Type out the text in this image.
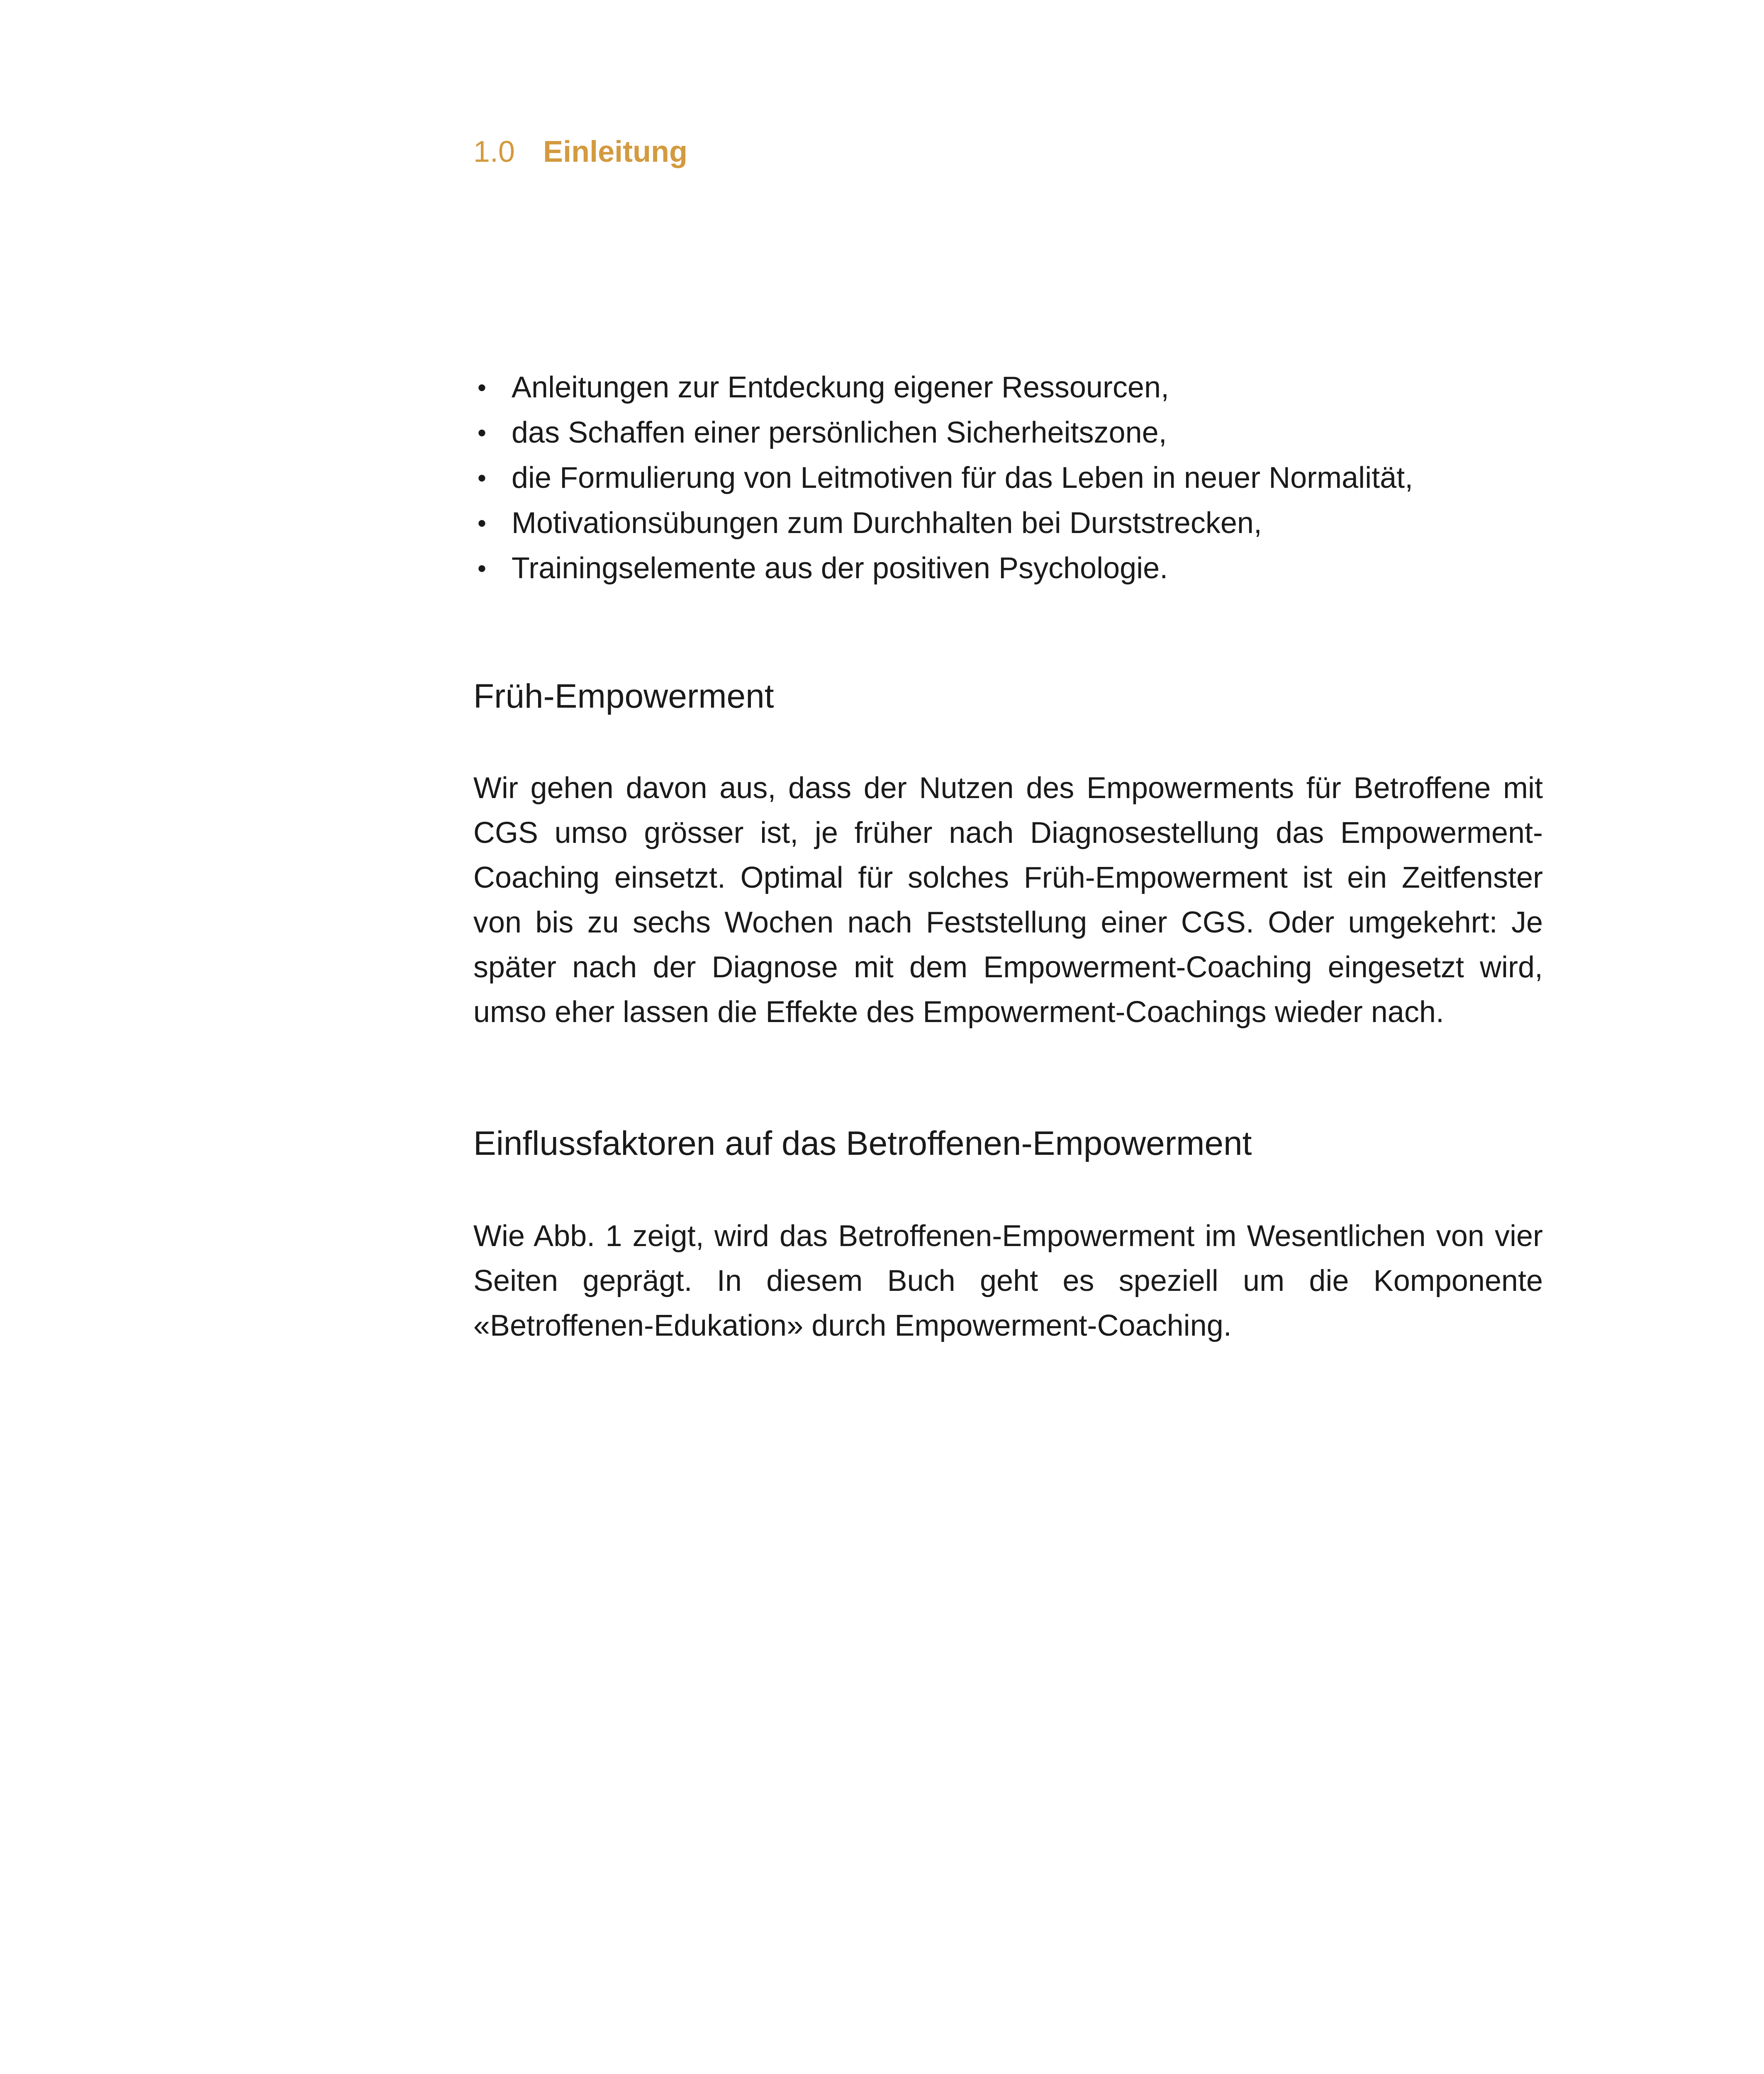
1.0 Einleitung
• Anleitungen zur Entdeckung eigener Ressourcen,
• das Schaffen einer persönlichen Sicherheitszone,
• die Formulierung von Leitmotiven für das Leben in neuer Normalität,
• Motivationsübungen zum Durchhalten bei Durststrecken,
• Trainingselemente aus der positiven Psychologie.
Früh-Empowerment

Wir gehen davon aus, dass der Nutzen des Empowerments für Betroffene mit CGS umso grösser ist, je früher nach Diagnosestellung das Empowerment-Coaching einsetzt. Optimal für solches Früh-Empowerment ist ein Zeitfenster von bis zu sechs Wochen nach Feststellung einer CGS. Oder umgekehrt: Je später nach der Diagnose mit dem Empowerment-Coaching eingesetzt wird, umso eher lassen die Effekte des Empowerment-Coachings wieder nach.

Einflussfaktoren auf das Betroffenen-Empowerment

Wie Abb. 1 zeigt, wird das Betroffenen-Empowerment im Wesentlichen von vier Seiten geprägt. In diesem Buch geht es speziell um die Komponente «Betroffenen-Edukation» durch Empowerment-Coaching.
